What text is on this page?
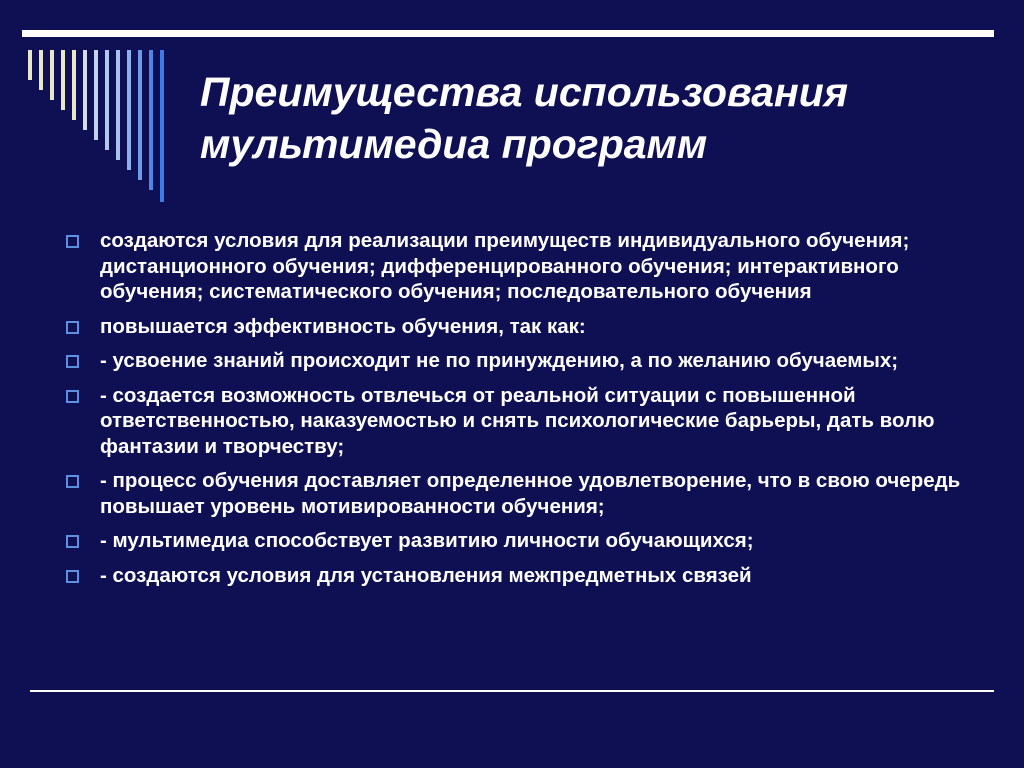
Преимущества использования
мультимедиа программ
создаются условия для реализации преимуществ индивидуального обучения; дистанционного обучения; дифференцированного обучения; интерактивного обучения; систематического обучения; последовательного обучения
повышается эффективность обучения, так как:
- усвоение знаний происходит не по принуждению, а по желанию обучаемых;
- создается возможность отвлечься от реальной ситуации с повышенной ответственностью, наказуемостью и снять психологические барьеры, дать волю фантазии и творчеству;
- процесс обучения доставляет определенное удовлетворение, что в свою очередь повышает уровень мотивированности обучения;
- мультимедиа способствует развитию личности обучающихся;
- создаются условия для установления межпредметных связей
